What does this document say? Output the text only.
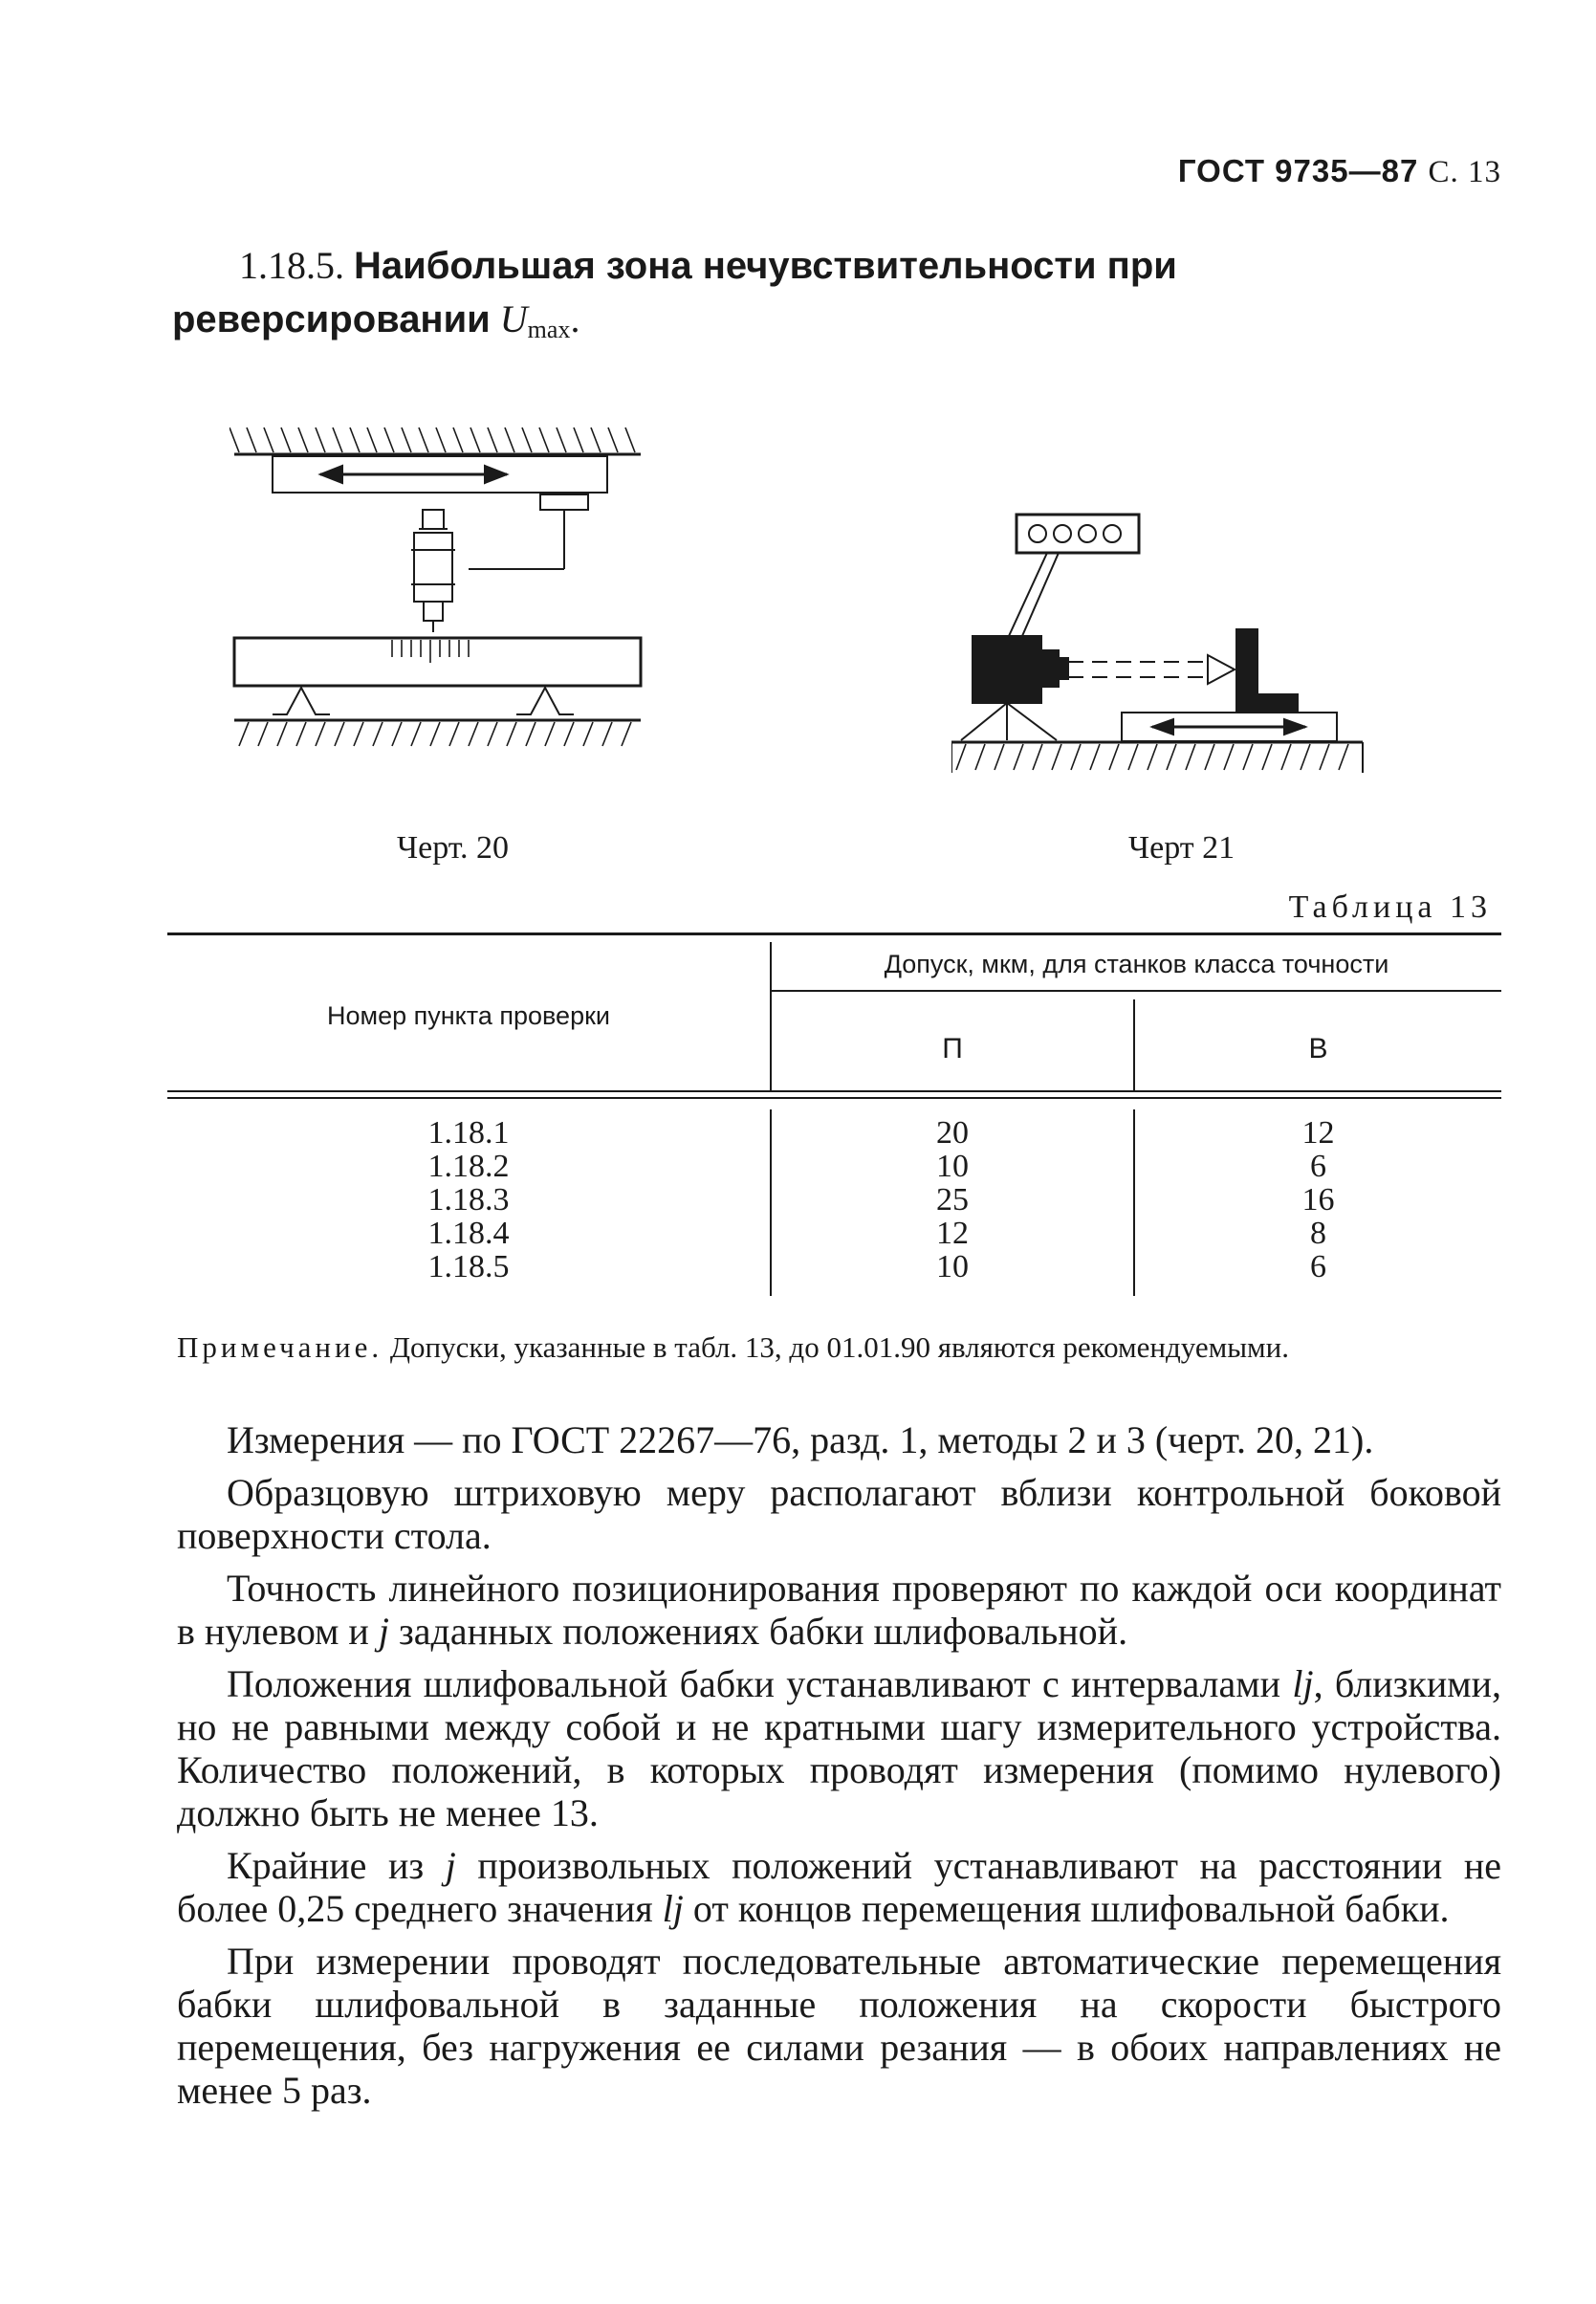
ГОСТ 9735—87 С. 13
1.18.5. Наибольшая зона нечувствительности при реверсировании $U_{max}$.
Черт. 20	Черт 21
Таблица 13
Номер пункта проверки
Допуск, мкм, для станков класса точности
П	В
1.18.1
1.18.2
1.18.3
1.18.4
1.18.5
20
10
25
12
10
12
6
16
8
6
Примечание. Допуски, указанные в табл. 13, до 01.01.90 являются рекомендуемыми.

Измерения — по ГОСТ 22267—76, разд. 1, методы 2 и 3 (черт. 20, 21).

Образцовую штриховую меру располагают вблизи контрольной боковой поверхности стола.

Точность линейного позиционирования проверяют по каждой оси координат в нулевом и j заданных положениях бабки шлифовальной.

Положения шлифовальной бабки устанавливают с интервалами lj, близкими, но не равными между собой и не кратными шагу измерительного устройства. Количество положений, в которых проводят измерения (помимо нулевого) должно быть не менее 13.

Крайние из j произвольных положений устанавливают на расстоянии не более 0,25 среднего значения lj от концов перемещения шлифовальной бабки.

При измерении проводят последовательные автоматические перемещения бабки шлифовальной в заданные положения на скорости быстрого перемещения, без нагружения ее силами резания — в обоих направлениях не менее 5 раз.
